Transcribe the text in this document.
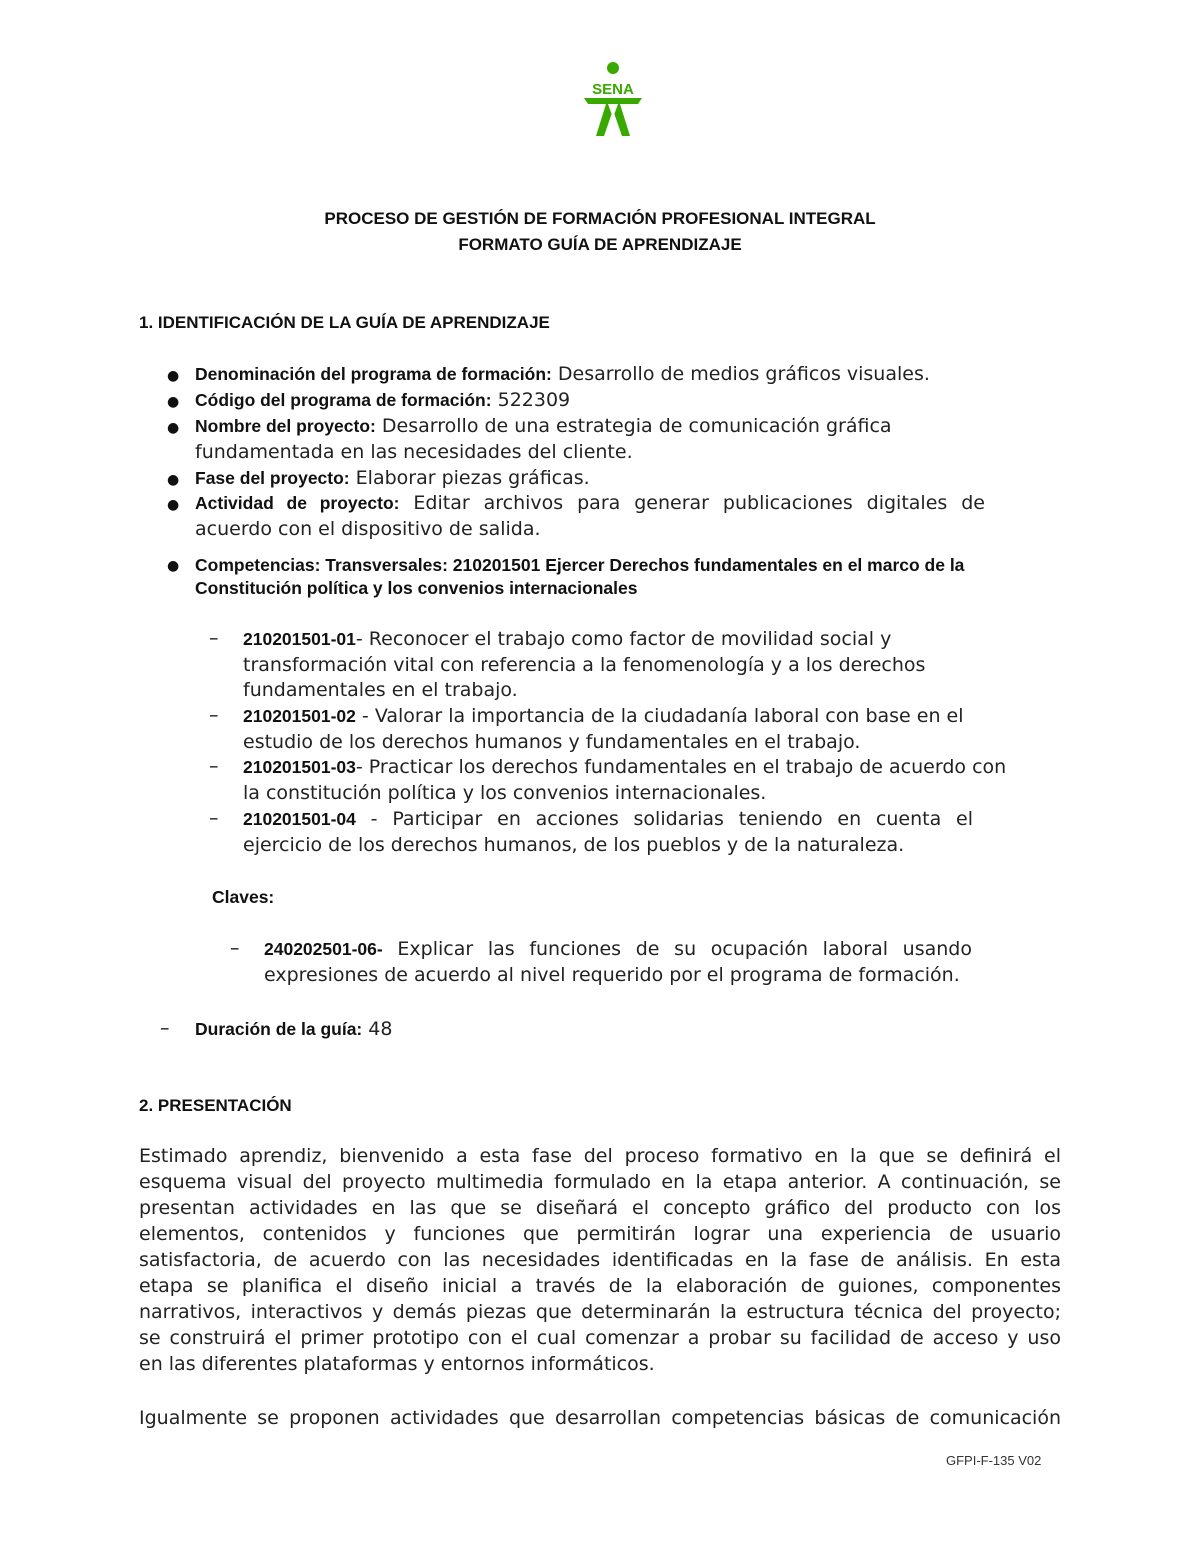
SENA
PROCESO DE GESTIÓN DE FORMACIÓN PROFESIONAL INTEGRAL
FORMATO GUÍA DE APRENDIZAJE
1. IDENTIFICACIÓN DE LA GUÍA DE APRENDIZAJE
● Denominación del programa de formación: Desarrollo de medios gráficos visuales.
● Código del programa de formación: 522309
● Nombre del proyecto: Desarrollo de una estrategia de comunicación gráfica
fundamentada en las necesidades del cliente.
● Fase del proyecto: Elaborar piezas gráficas.
● Actividad de proyecto: Editar archivos para generar publicaciones digitales de
acuerdo con el dispositivo de salida.
● Competencias: Transversales: 210201501 Ejercer Derechos fundamentales en el marco de la
Constitución política y los convenios internacionales
– 210201501-01- Reconocer el trabajo como factor de movilidad social y
transformación vital con referencia a la fenomenología y a los derechos
fundamentales en el trabajo.
– 210201501-02 - Valorar la importancia de la ciudadanía laboral con base en el
estudio de los derechos humanos y fundamentales en el trabajo.
– 210201501-03- Practicar los derechos fundamentales en el trabajo de acuerdo con
la constitución política y los convenios internacionales.
– 210201501-04 - Participar en acciones solidarias teniendo en cuenta el
ejercicio de los derechos humanos, de los pueblos y de la naturaleza.
Claves:
– 240202501-06- Explicar las funciones de su ocupación laboral usando
expresiones de acuerdo al nivel requerido por el programa de formación.
– Duración de la guía: 48
2. PRESENTACIÓN
Estimado aprendiz, bienvenido a esta fase del proceso formativo en la que se definirá el
esquema visual del proyecto multimedia formulado en la etapa anterior. A continuación, se
presentan actividades en las que se diseñará el concepto gráfico del producto con los
elementos, contenidos y funciones que permitirán lograr una experiencia de usuario
satisfactoria, de acuerdo con las necesidades identificadas en la fase de análisis. En esta
etapa se planifica el diseño inicial a través de la elaboración de guiones, componentes
narrativos, interactivos y demás piezas que determinarán la estructura técnica del proyecto;
se construirá el primer prototipo con el cual comenzar a probar su facilidad de acceso y uso
en las diferentes plataformas y entornos informáticos.
Igualmente se proponen actividades que desarrollan competencias básicas de comunicación
GFPI-F-135 V02
